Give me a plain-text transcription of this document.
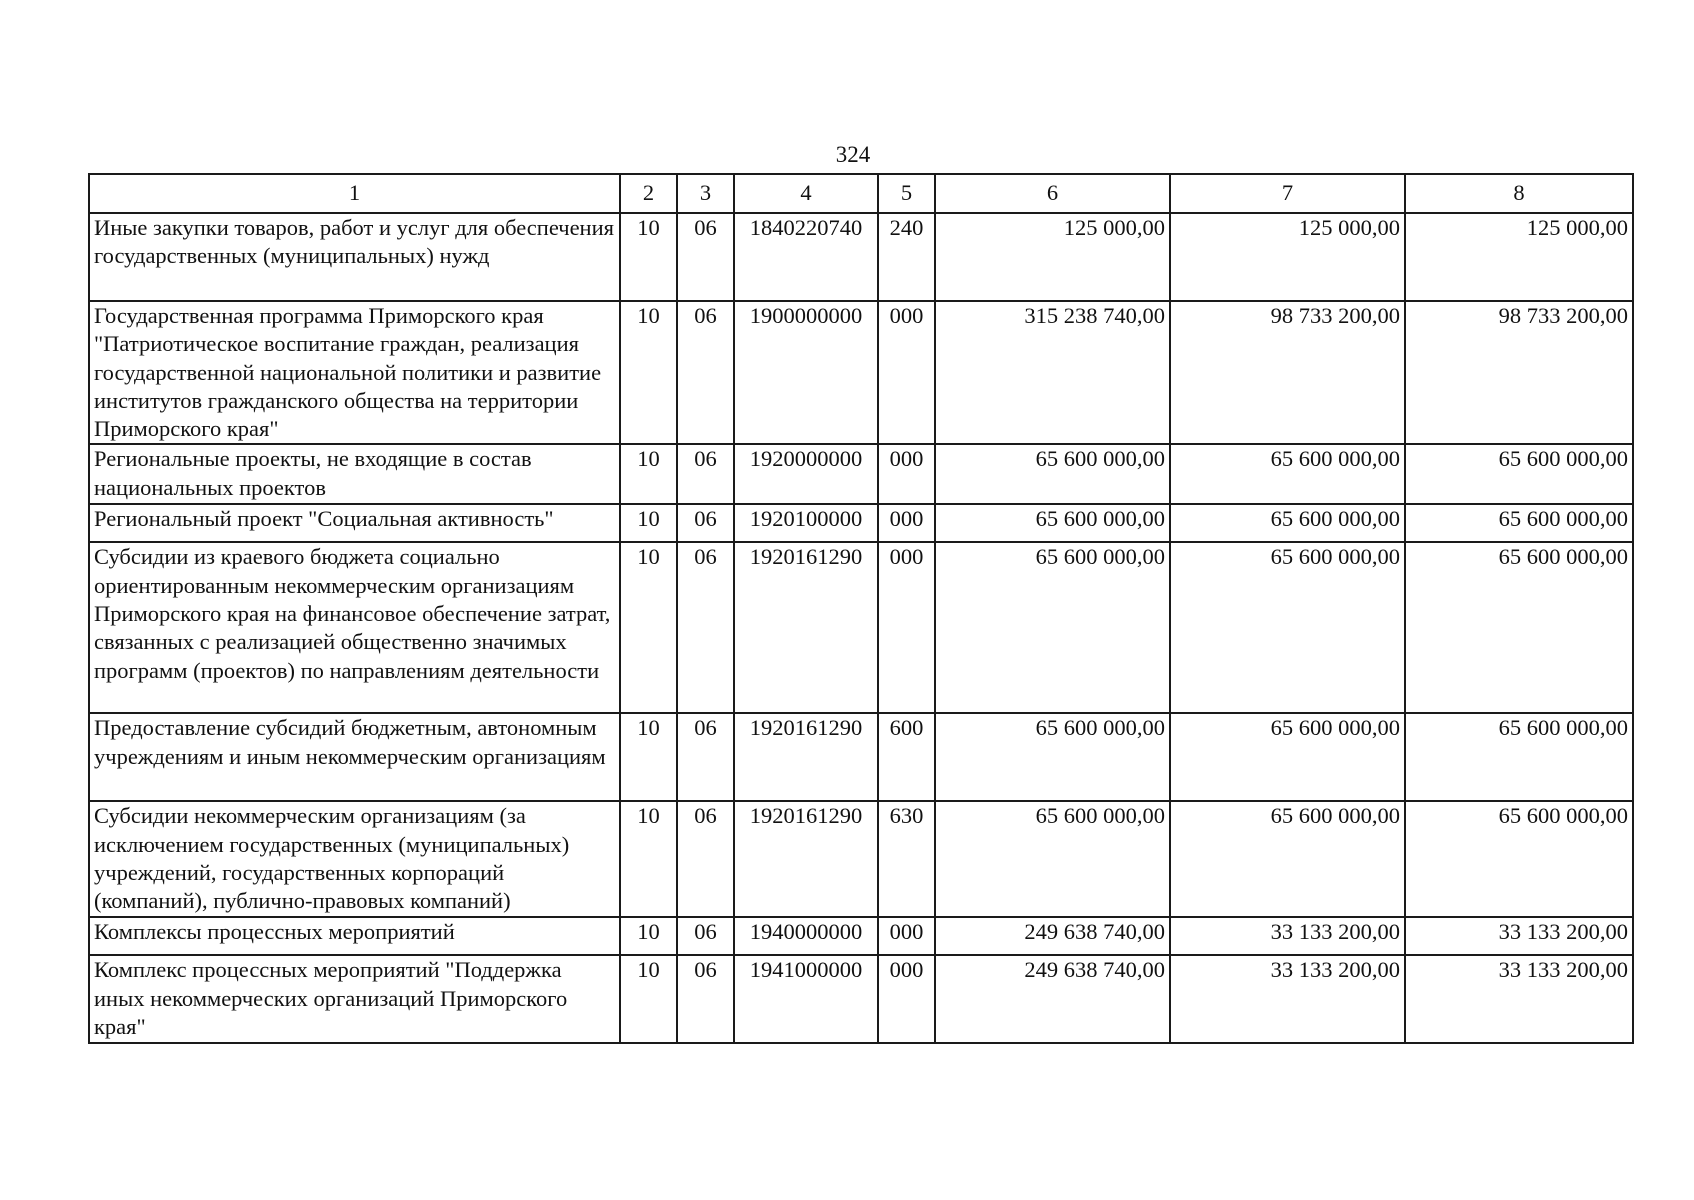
324
1	2	3	4	5	6	7	8
Иные закупки товаров, работ и услуг для обеспечения государственных (муниципальных) нужд	10	06	1840220740	240	125 000,00	125 000,00	125 000,00
Государственная программа Приморского края "Патриотическое воспитание граждан, реализация государственной национальной политики и развитие институтов гражданского общества на территории Приморского края"	10	06	1900000000	000	315 238 740,00	98 733 200,00	98 733 200,00
Региональные проекты, не входящие в состав национальных проектов	10	06	1920000000	000	65 600 000,00	65 600 000,00	65 600 000,00
Региональный проект "Социальная активность"	10	06	1920100000	000	65 600 000,00	65 600 000,00	65 600 000,00
Субсидии из краевого бюджета социально ориентированным некоммерческим организациям Приморского края на финансовое обеспечение затрат, связанных с реализацией общественно значимых программ (проектов) по направлениям деятельности	10	06	1920161290	000	65 600 000,00	65 600 000,00	65 600 000,00
Предоставление субсидий бюджетным, автономным учреждениям и иным некоммерческим организациям	10	06	1920161290	600	65 600 000,00	65 600 000,00	65 600 000,00
Субсидии некоммерческим организациям (за исключением государственных (муниципальных) учреждений, государственных корпораций (компаний), публично-правовых компаний)	10	06	1920161290	630	65 600 000,00	65 600 000,00	65 600 000,00
Комплексы процессных мероприятий	10	06	1940000000	000	249 638 740,00	33 133 200,00	33 133 200,00
Комплекс процессных мероприятий "Поддержка иных некоммерческих организаций Приморского края"	10	06	1941000000	000	249 638 740,00	33 133 200,00	33 133 200,00
